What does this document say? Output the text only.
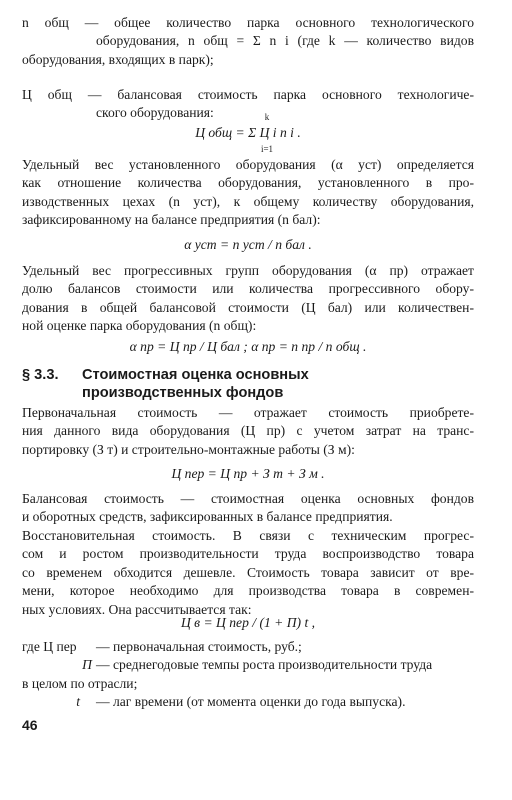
n общ — общее количество парка основного технологического
оборудования, n общ = Σ n i (где k — количество видов
оборудования, входящих в парк);
Ц общ — балансовая стоимость парка основного технологиче-
ского оборудования:
Ц общ = Σ Ц i n i .
k
i=1
Удельный вес установленного оборудования (α уст) определяется
как отношение количества оборудования, установленного в про-
изводственных цехах (n уст), к общему количеству оборудования,
зафиксированному на балансе предприятия (n бал):
α уст = n уст / n бал .
Удельный вес прогрессивных групп оборудования (α пр) отражает
долю балансов стоимости или количества прогрессивного обору-
дования в общей балансовой стоимости (Ц бал) или количествен-
ной оценке парка оборудования (n общ):
α пр = Ц пр / Ц бал ; α пр = n пр / n общ .
§ 3.3. Стоимостная оценка основных
производственных фондов
Первоначальная стоимость — отражает стоимость приобрете-
ния данного вида оборудования (Ц пр) с учетом затрат на транс-
портировку (З т) и строительно-монтажные работы (З м):
Ц пер = Ц пр + З т + З м .
Балансовая стоимость — стоимостная оценка основных фондов
и оборотных средств, зафиксированных в балансе предприятия.
Восстановительная стоимость. В связи с техническим прогрес-
сом и ростом производительности труда воспроизводство товара
со временем обходится дешевле. Стоимость товара зависит от вре-
мени, которое необходимо для производства товара в современ-
ных условиях. Она рассчитывается так:
Ц в = Ц пер / (1 + П) t ,
где Ц пер	— первоначальная стоимость, руб.;
П — среднегодовые темпы роста производительности труда
в целом по отрасли;
t	— лаг времени (от момента оценки до года выпуска).
46
